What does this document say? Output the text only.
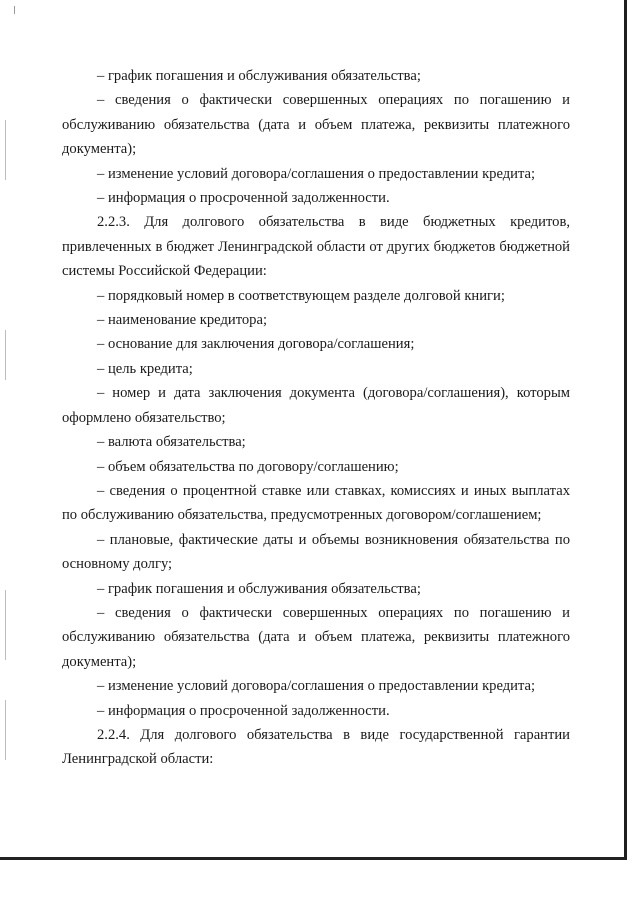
– график погашения и обслуживания обязательства;

– сведения о фактически совершенных операциях по погашению и обслуживанию обязательства (дата и объем платежа, реквизиты платежного документа);

– изменение условий договора/соглашения о предоставлении кредита;

– информация о просроченной задолженности.

2.2.3. Для долгового обязательства в виде бюджетных кредитов, привлеченных в бюджет Ленинградской области от других бюджетов бюджетной системы Российской Федерации:

– порядковый номер в соответствующем разделе долговой книги;

– наименование кредитора;

– основание для заключения договора/соглашения;

– цель кредита;

– номер и дата заключения документа (договора/соглашения), которым оформлено обязательство;

– валюта обязательства;

– объем обязательства по договору/соглашению;

– сведения о процентной ставке или ставках, комиссиях и иных выплатах по обслуживанию обязательства, предусмотренных договором/соглашением;

– плановые, фактические даты и объемы возникновения обязательства по основному долгу;

– график погашения и обслуживания обязательства;

– сведения о фактически совершенных операциях по погашению и обслуживанию обязательства (дата и объем платежа, реквизиты платежного документа);

– изменение условий договора/соглашения о предоставлении кредита;

– информация о просроченной задолженности.

2.2.4. Для долгового обязательства в виде государственной гарантии Ленинградской области:
